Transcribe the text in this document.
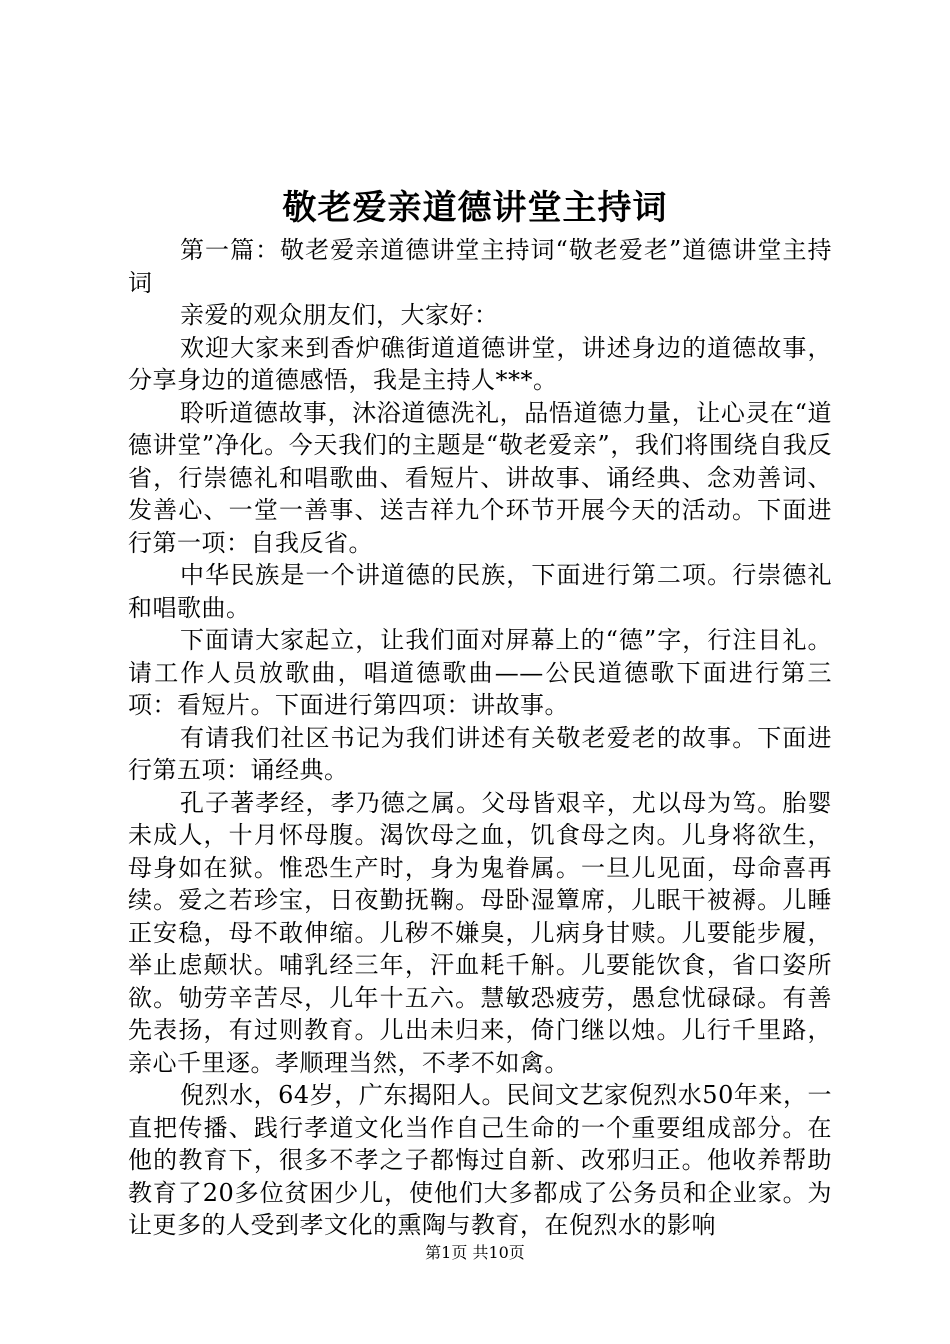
敬老爱亲道德讲堂主持词

第一篇：敬老爱亲道德讲堂主持词“敬老爱老”道德讲堂主持词

亲爱的观众朋友们，大家好：

欢迎大家来到香炉礁街道道德讲堂，讲述身边的道德故事，分享身边的道德感悟，我是主持人***。

聆听道德故事，沐浴道德洗礼，品悟道德力量，让心灵在“道德讲堂”净化。今天我们的主题是“敬老爱亲”，我们将围绕自我反省，行崇德礼和唱歌曲、看短片、讲故事、诵经典、念劝善词、发善心、一堂一善事、送吉祥九个环节开展今天的活动。下面进行第一项：自我反省。

中华民族是一个讲道德的民族，下面进行第二项。行崇德礼和唱歌曲。

下面请大家起立，让我们面对屏幕上的“德”字，行注目礼。请工作人员放歌曲，唱道德歌曲——公民道德歌下面进行第三项：看短片。下面进行第四项：讲故事。

有请我们社区书记为我们讲述有关敬老爱老的故事。下面进行第五项：诵经典。

孔子著孝经，孝乃德之属。父母皆艰辛，尤以母为笃。胎婴未成人，十月怀母腹。渴饮母之血，饥食母之肉。儿身将欲生，母身如在狱。惟恐生产时，身为鬼眷属。一旦儿见面，母命喜再续。爱之若珍宝，日夜勤抚鞠。母卧湿簟席，儿眠干被褥。儿睡正安稳，母不敢伸缩。儿秽不嫌臭，儿病身甘赎。儿要能步履，举止虑颠状。哺乳经三年，汗血耗千斛。儿要能饮食，省口姿所欲。劬劳辛苦尽，儿年十五六。慧敏恐疲劳，愚怠忧碌碌。有善先表扬，有过则教育。儿出未归来，倚门继以烛。儿行千里路，亲心千里逐。孝顺理当然，不孝不如禽。

倪烈水，64岁，广东揭阳人。民间文艺家倪烈水50年来，一直把传播、践行孝道文化当作自己生命的一个重要组成部分。在他的教育下，很多不孝之子都悔过自新、改邪归正。他收养帮助教育了20多位贫困少儿，使他们大多都成了公务员和企业家。为让更多的人受到孝文化的熏陶与教育，在倪烈水的影响

第1页 共10页
